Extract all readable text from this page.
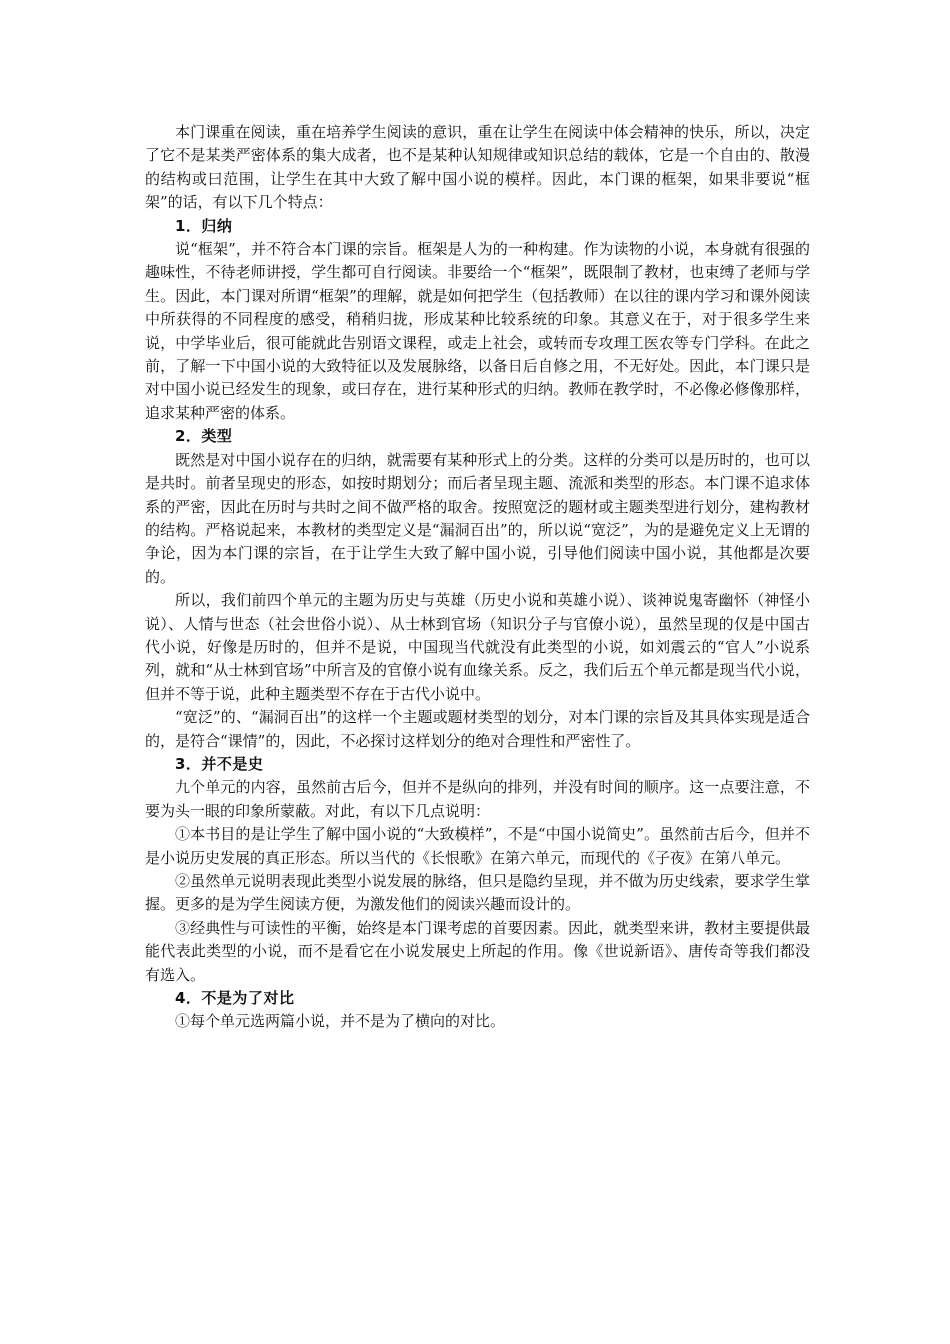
本门课重在阅读，重在培养学生阅读的意识，重在让学生在阅读中体会精神的快乐，所以，决定了它不是某类严密体系的集大成者，也不是某种认知规律或知识总结的载体，它是一个自由的、散漫的结构或曰范围，让学生在其中大致了解中国小说的模样。因此，本门课的框架，如果非要说“框架”的话，有以下几个特点：

1．归纳

说“框架”，并不符合本门课的宗旨。框架是人为的一种构建。作为读物的小说，本身就有很强的趣味性，不待老师讲授，学生都可自行阅读。非要给一个“框架”，既限制了教材，也束缚了老师与学生。因此，本门课对所谓“框架”的理解，就是如何把学生（包括教师）在以往的课内学习和课外阅读中所获得的不同程度的感受，稍稍归拢，形成某种比较系统的印象。其意义在于，对于很多学生来说，中学毕业后，很可能就此告别语文课程，或走上社会，或转而专攻理工医农等专门学科。在此之前，了解一下中国小说的大致特征以及发展脉络，以备日后自修之用，不无好处。因此，本门课只是对中国小说已经发生的现象，或曰存在，进行某种形式的归纳。教师在教学时，不必像必修像那样，追求某种严密的体系。

2．类型

既然是对中国小说存在的归纳，就需要有某种形式上的分类。这样的分类可以是历时的，也可以是共时。前者呈现史的形态，如按时期划分；而后者呈现主题、流派和类型的形态。本门课不追求体系的严密，因此在历时与共时之间不做严格的取舍。按照宽泛的题材或主题类型进行划分，建构教材的结构。严格说起来，本教材的类型定义是“漏洞百出”的，所以说“宽泛”，为的是避免定义上无谓的争论，因为本门课的宗旨，在于让学生大致了解中国小说，引导他们阅读中国小说，其他都是次要的。

所以，我们前四个单元的主题为历史与英雄（历史小说和英雄小说）、谈神说鬼寄幽怀（神怪小说）、人情与世态（社会世俗小说）、从士林到官场（知识分子与官僚小说），虽然呈现的仅是中国古代小说，好像是历时的，但并不是说，中国现当代就没有此类型的小说，如刘震云的“官人”小说系列，就和“从士林到官场”中所言及的官僚小说有血缘关系。反之，我们后五个单元都是现当代小说，但并不等于说，此种主题类型不存在于古代小说中。

“宽泛”的、“漏洞百出”的这样一个主题或题材类型的划分，对本门课的宗旨及其具体实现是适合的，是符合“课情”的，因此，不必探讨这样划分的绝对合理性和严密性了。

3．并不是史

九个单元的内容，虽然前古后今，但并不是纵向的排列，并没有时间的顺序。这一点要注意，不要为头一眼的印象所蒙蔽。对此，有以下几点说明：

①本书目的是让学生了解中国小说的“大致模样”，不是“中国小说简史”。虽然前古后今，但并不是小说历史发展的真正形态。所以当代的《长恨歌》在第六单元，而现代的《子夜》在第八单元。

②虽然单元说明表现此类型小说发展的脉络，但只是隐约呈现，并不做为历史线索，要求学生掌握。更多的是为学生阅读方便，为激发他们的阅读兴趣而设计的。

③经典性与可读性的平衡，始终是本门课考虑的首要因素。因此，就类型来讲，教材主要提供最能代表此类型的小说，而不是看它在小说发展史上所起的作用。像《世说新语》、唐传奇等我们都没有选入。

4．不是为了对比

①每个单元选两篇小说，并不是为了横向的对比。
